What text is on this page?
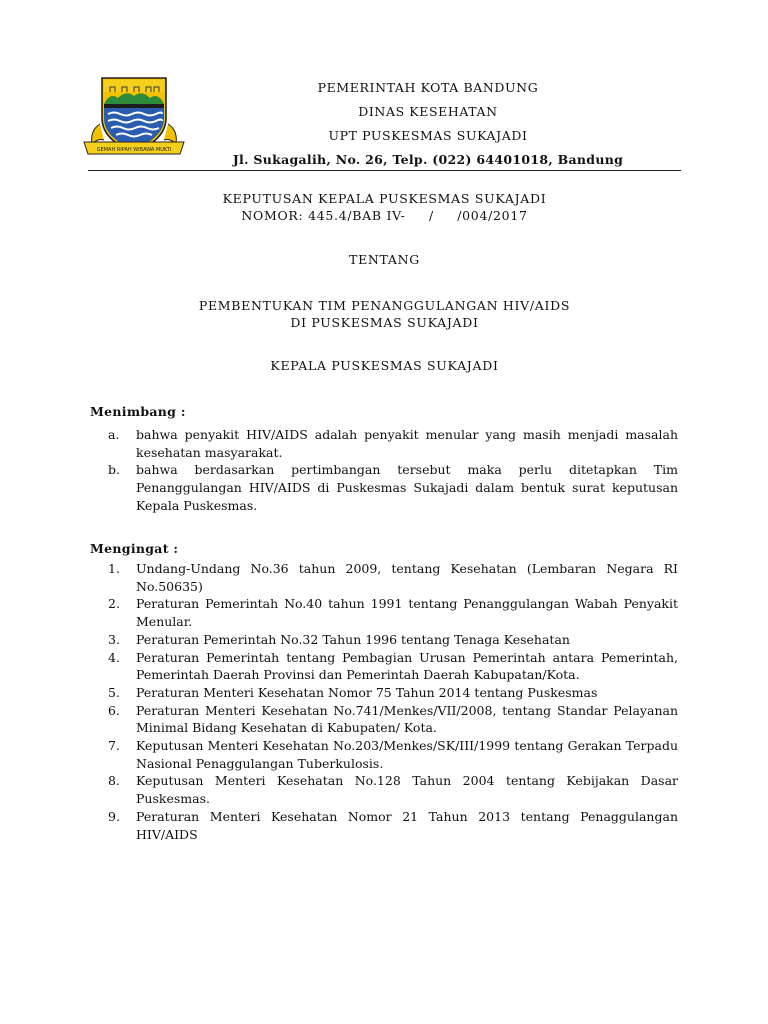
GEMAH RIPAH WIBAWA MUKTI
PEMERINTAH KOTA BANDUNG
DINAS KESEHATAN
UPT PUSKESMAS SUKAJADI
Jl. Sukagalih, No. 26, Telp. (022) 64401018, Bandung
KEPUTUSAN KEPALA PUSKESMAS SUKAJADI
NOMOR: 445.4/BAB IV-     /     /004/2017
TENTANG
PEMBENTUKAN TIM PENANGGULANGAN HIV/AIDS
DI PUSKESMAS SUKAJADI
KEPALA PUSKESMAS SUKAJADI
Menimbang :
a. bahwa penyakit HIV/AIDS adalah penyakit menular yang masih menjadi masalah kesehatan masyarakat.
b. bahwa berdasarkan pertimbangan tersebut maka perlu ditetapkan Tim Penanggulangan HIV/AIDS di Puskesmas Sukajadi dalam bentuk surat keputusan Kepala Puskesmas.
Mengingat :
1. Undang-Undang No.36 tahun 2009, tentang Kesehatan (Lembaran Negara RI No.50635)
2. Peraturan Pemerintah No.40 tahun 1991 tentang Penanggulangan Wabah Penyakit Menular.
3. Peraturan Pemerintah No.32 Tahun 1996 tentang Tenaga Kesehatan
4. Peraturan Pemerintah tentang Pembagian Urusan Pemerintah antara Pemerintah, Pemerintah Daerah Provinsi dan Pemerintah Daerah Kabupatan/Kota.
5. Peraturan Menteri Kesehatan Nomor 75 Tahun 2014 tentang Puskesmas
6. Peraturan Menteri Kesehatan No.741/Menkes/VII/2008, tentang Standar Pelayanan Minimal Bidang Kesehatan di Kabupaten/ Kota.
7. Keputusan Menteri Kesehatan No.203/Menkes/SK/III/1999 tentang Gerakan Terpadu Nasional Penaggulangan Tuberkulosis.
8. Keputusan Menteri Kesehatan No.128 Tahun 2004 tentang Kebijakan Dasar Puskesmas.
9. Peraturan Menteri Kesehatan Nomor 21 Tahun 2013 tentang Penaggulangan HIV/AIDS
